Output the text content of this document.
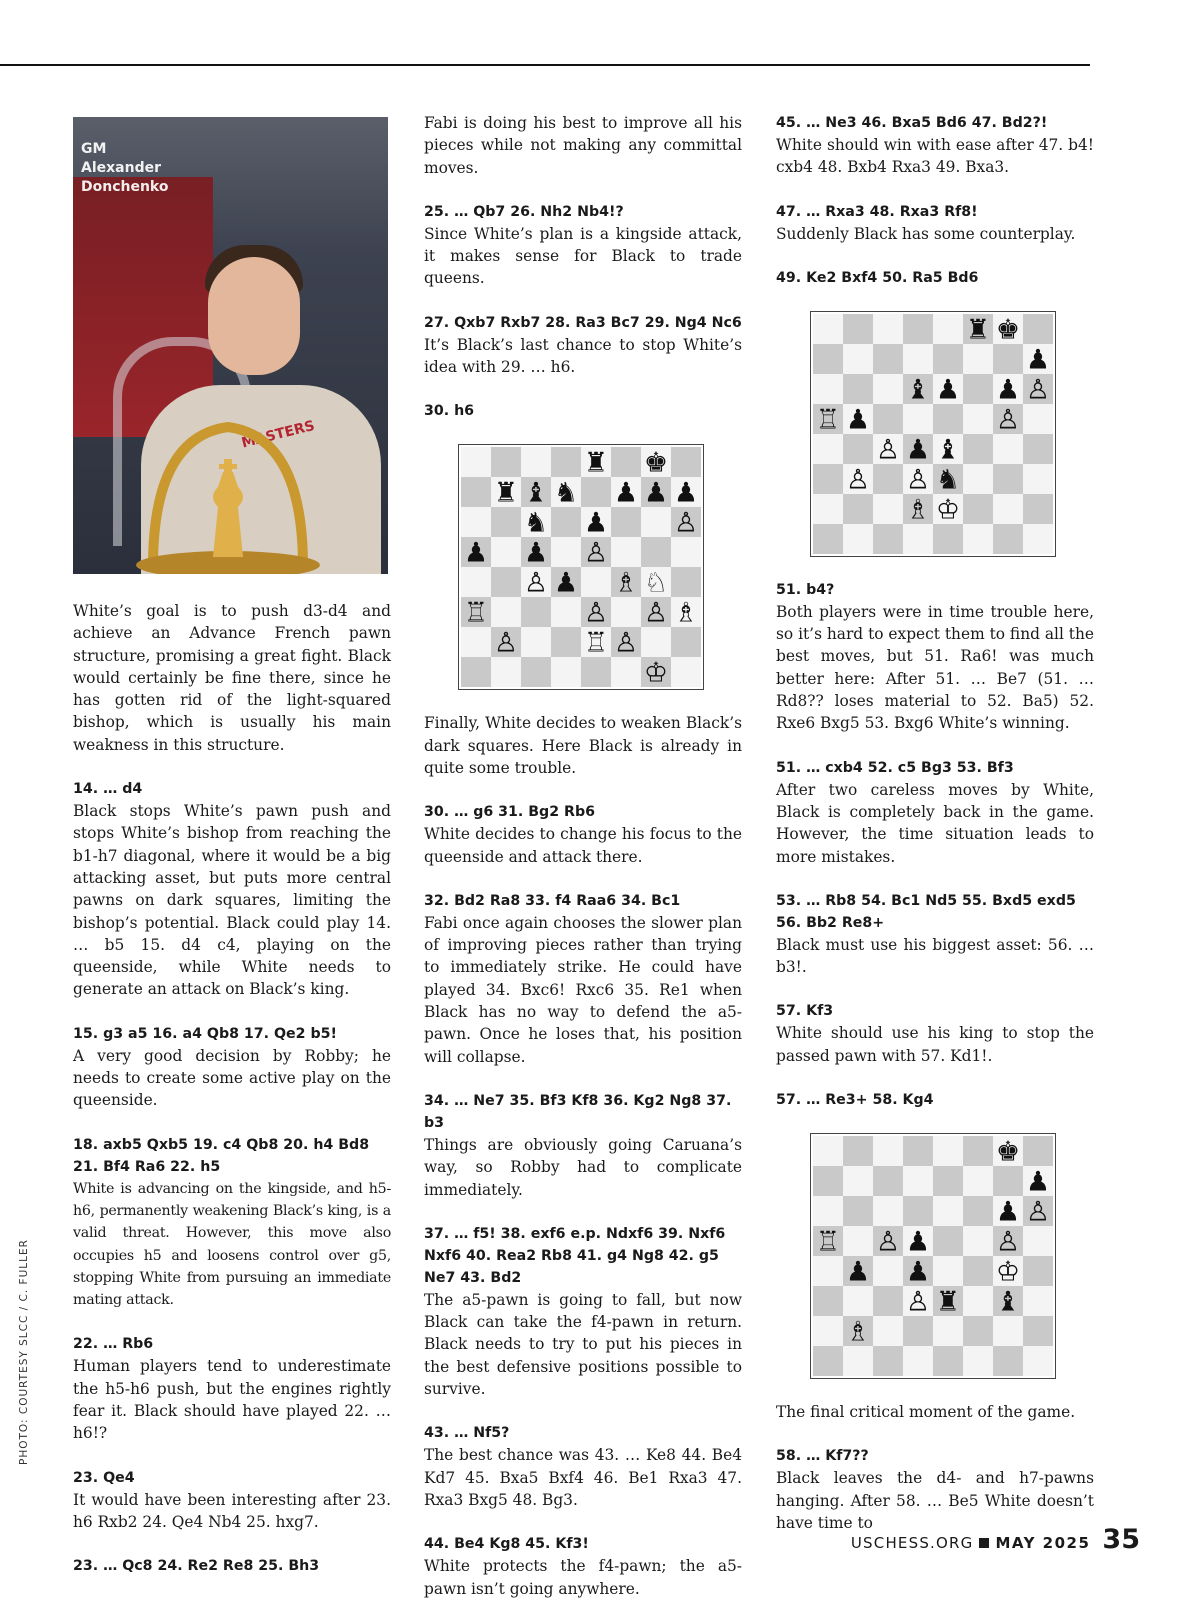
MASTERS
GM Alexander Donchenko

White’s goal is to push d3-d4 and achieve an Advance French pawn structure, promising a great fight. Black would certainly be fine there, since he has gotten rid of the light-squared bishop, which is usually his main weakness in this structure.

14. … d4

Black stops White’s pawn push and stops White’s bishop from reaching the b1-h7 diagonal, where it would be a big attacking asset, but puts more central pawns on dark squares, limiting the bishop’s potential. Black could play 14. … b5 15. d4 c4, playing on the queenside, while White needs to generate an attack on Black’s king.

15. g3 a5 16. a4 Qb8 17. Qe2 b5!

A very good decision by Robby; he needs to create some active play on the queenside.

18. axb5 Qxb5 19. c4 Qb8 20. h4 Bd8 21. Bf4 Ra6 22. h5

White is advancing on the kingside, and h5-h6, permanently weakening Black’s king, is a valid threat. However, this move also occupies h5 and loosens control over g5, stopping White from pursuing an immediate mating attack.

22. … Rb6

Human players tend to underestimate the h5-h6 push, but the engines rightly fear it. Black should have played 22. … h6!?

23. Qe4

It would have been interesting after 23. h6 Rxb2 24. Qe4 Nb4 25. hxg7.

23. … Qc8 24. Re2 Re8 25. Bh3

Fabi is doing his best to improve all his pieces while not making any committal moves.

25. … Qb7 26. Nh2 Nb4!?

Since White’s plan is a kingside attack, it makes sense for Black to trade queens.

27. Qxb7 Rxb7 28. Ra3 Bc7 29. Ng4 Nc6

It’s Black’s last chance to stop White’s idea with 29. … h6.

30. h6

♜ ♚
♜ ♝ ♞ ♟ ♟ ♟
♞ ♟ ♙
♟ ♟ ♙
♙ ♟ ♗ ♘
♖	♙ ♙ ♗
♙ ♖ ♙
♔

Finally, White decides to weaken Black’s dark squares. Here Black is already in quite some trouble.

30. … g6 31. Bg2 Rb6

White decides to change his focus to the queenside and attack there.

32. Bd2 Ra8 33. f4 Raa6 34. Bc1

Fabi once again chooses the slower plan of improving pieces rather than trying to immediately strike. He could have played 34. Bxc6! Rxc6 35. Re1 when Black has no way to defend the a5-pawn. Once he loses that, his position will collapse.

34. … Ne7 35. Bf3 Kf8 36. Kg2 Ng8 37. b3

Things are obviously going Caruana’s way, so Robby had to complicate immediately.

37. … f5! 38. exf6 e.p. Ndxf6 39. Nxf6 Nxf6 40. Rea2 Rb8 41. g4 Ng8 42. g5 Ne7 43. Bd2

The a5-pawn is going to fall, but now Black can take the f4-pawn in return. Black needs to try to put his pieces in the best defensive positions possible to survive.

43. … Nf5?

The best chance was 43. … Ke8 44. Be4 Kd7 45. Bxa5 Bxf4 46. Be1 Rxa3 47. Rxa3 Bxg5 48. Bg3.

44. Be4 Kg8 45. Kf3!

White protects the f4-pawn; the a5-pawn isn’t going anywhere.

45. … Ne3 46. Bxa5 Bd6 47. Bd2?!

White should win with ease after 47. b4! cxb4 48. Bxb4 Rxa3 49. Bxa3.

47. … Rxa3 48. Rxa3 Rf8!

Suddenly Black has some counterplay.

49. Ke2 Bxf4 50. Ra5 Bd6

♜ ♚
♟
♝ ♟ ♟ ♙
♖ ♟	♙
♙ ♟ ♝
♙ ♙ ♞
♗ ♔

51. b4?

Both players were in time trouble here, so it’s hard to expect them to find all the best moves, but 51. Ra6! was much better here: After 51. … Be7 (51. … Rd8?? loses material to 52. Ba5) 52. Rxe6 Bxg5 53. Bxg6 White’s winning.

51. … cxb4 52. c5 Bg3 53. Bf3

After two careless moves by White, Black is completely back in the game. However, the time situation leads to more mistakes.

53. … Rb8 54. Bc1 Nd5 55. Bxd5 exd5 56. Bb2 Re8+

Black must use his biggest asset: 56. … b3!.

57. Kf3

White should use his king to stop the passed pawn with 57. Kd1!.

57. … Re3+ 58. Kg4

♚
♟
♟ ♙
♖ ♙ ♟ ♙
♟ ♟ ♔
♙ ♜ ♝
♗

The final critical moment of the game.

58. … Kf7??

Black leaves the d4- and h7-pawns hanging. After 58. … Be5 White doesn’t have time to

PHOTO: COURTESY SLCC / C. FULLER
USCHESS.ORG MAY 2025 35
